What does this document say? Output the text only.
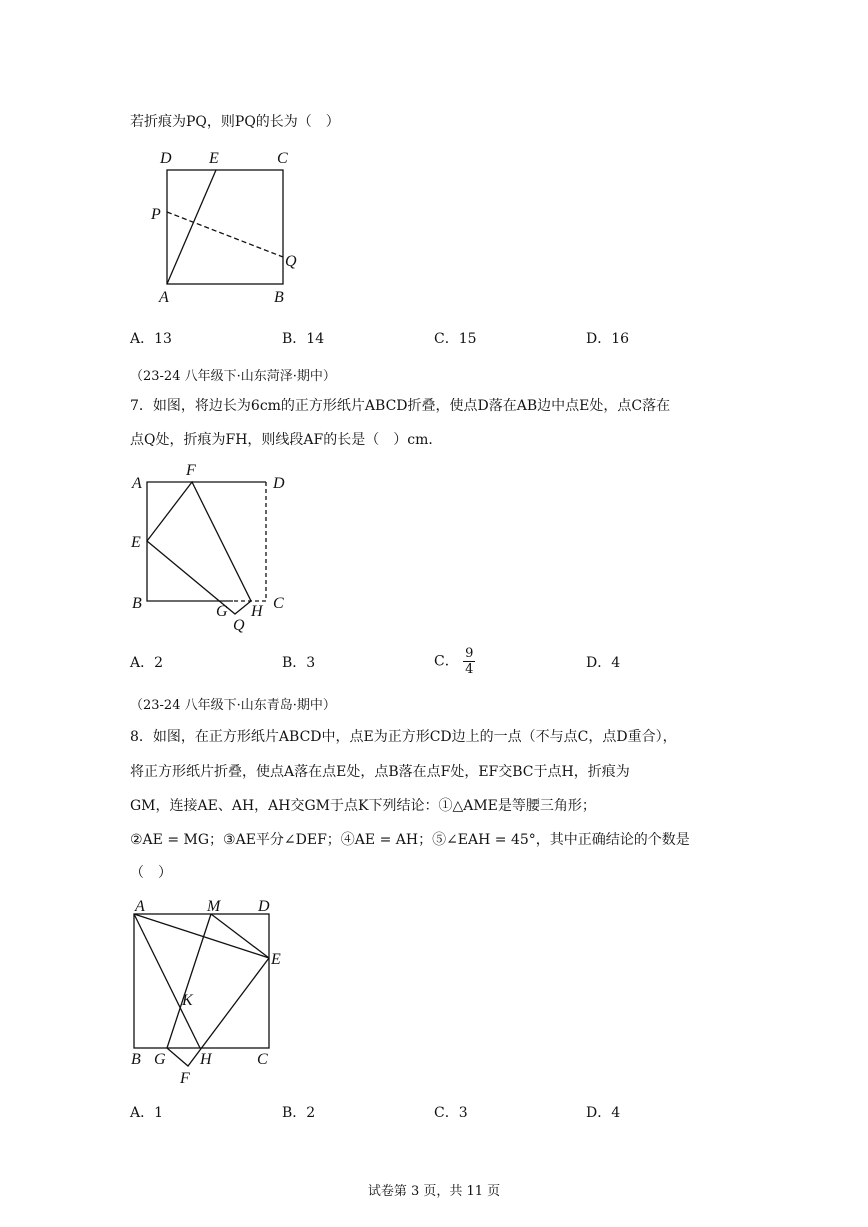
若折痕为PQ，则PQ的长为（　）
D E	C
P
Q
A	B
A．13	B．14	C．15	D．16
（23-24 八年级下·山东菏泽·期中）
7．如图，将边长为6cm的正方形纸片ABCD折叠，使点D落在AB边中点E处，点C落在
点Q处，折痕为FH，则线段AF的长是（　）cm．
A
F
D
E
B	G H C
Q
A．2	B．3	C． $\frac{9}{4}$	D．4
（23-24 八年级下·山东青岛·期中）
8．如图，在正方形纸片ABCD中，点E为正方形CD边上的一点（不与点C，点D重合），
将正方形纸片折叠，使点A落在点E处，点B落在点F处，EF交BC于点H，折痕为
GM，连接AE、AH，AH交GM于点K下列结论：①△AME是等腰三角形；
②AE = MG；③AE平分∠DEF；④AE = AH；⑤∠EAH = 45°，其中正确结论的个数是
（　）
A	M D
E
K
B G H	C
F
A．1	B．2	C．3	D．4
试卷第 3 页，共 11 页
